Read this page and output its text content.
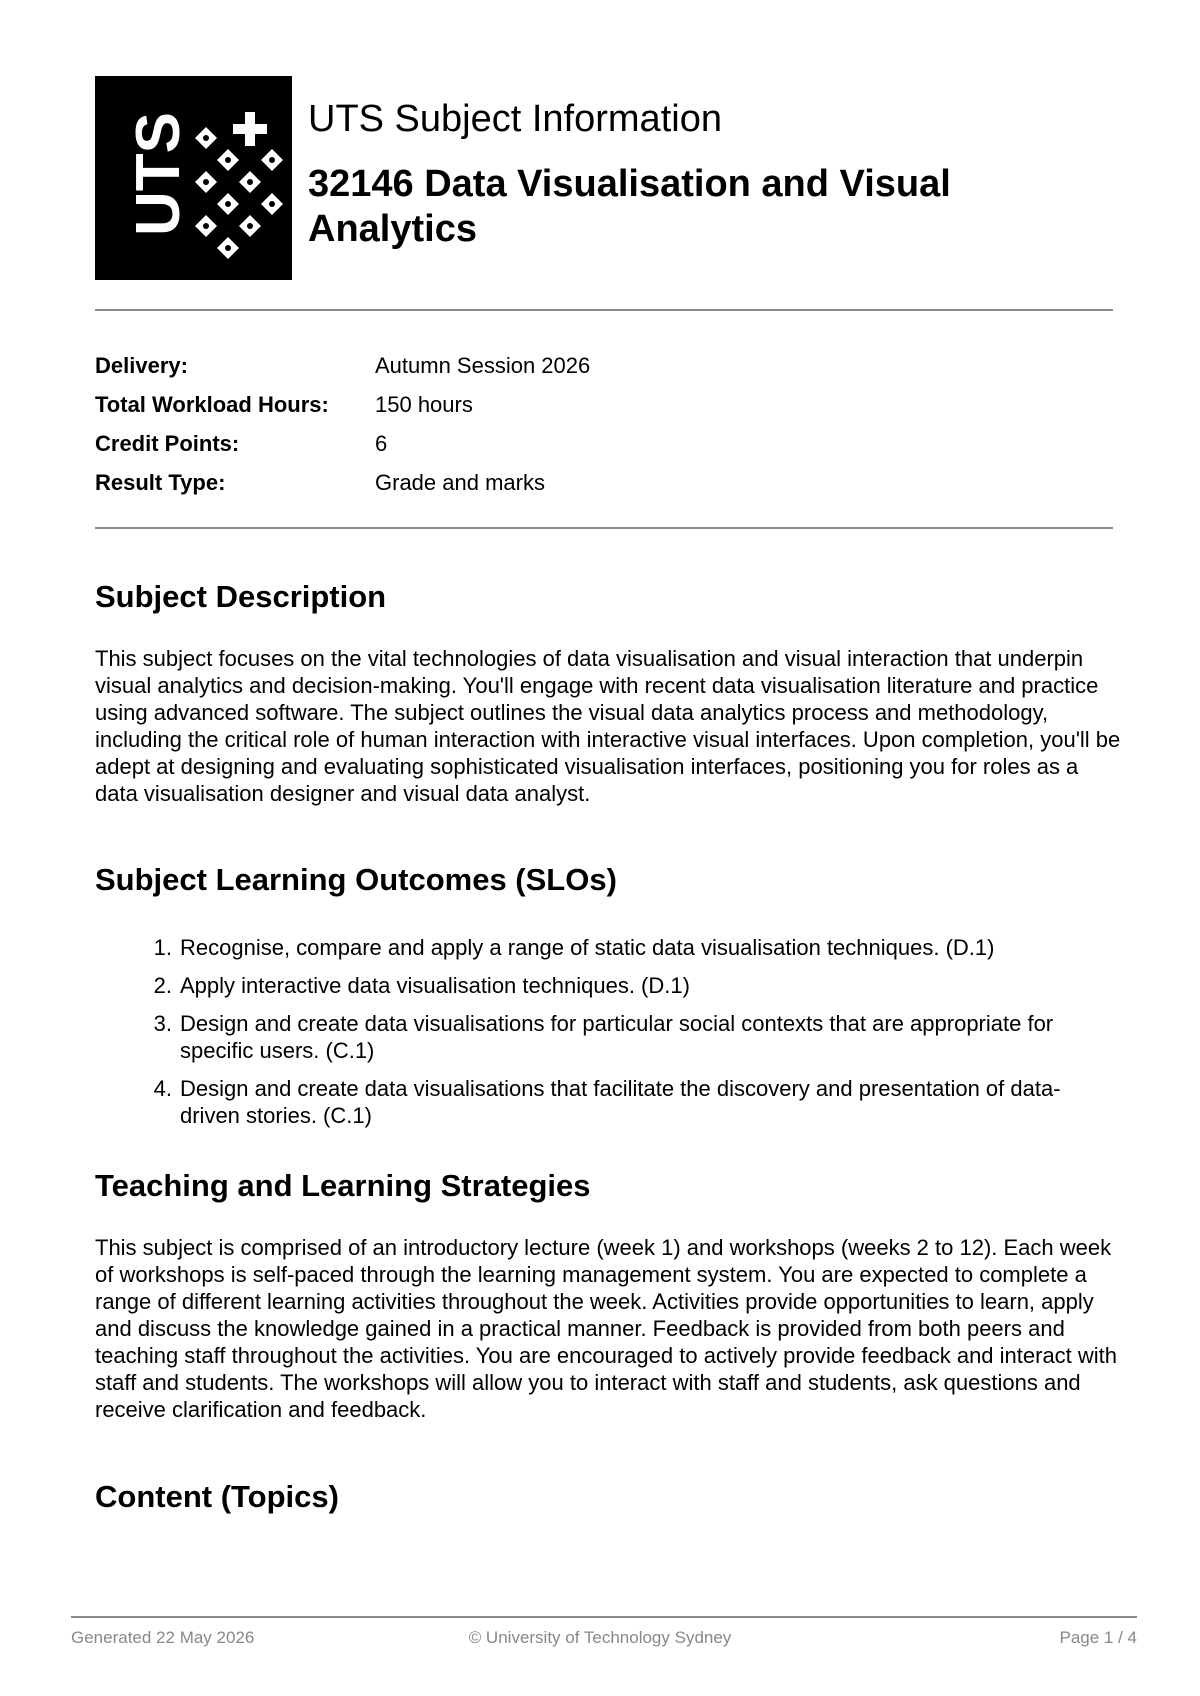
UTS	UTS Subject Information
32146 Data Visualisation and Visual Analytics
Delivery:	Autumn Session 2026
Total Workload Hours:	150 hours
Credit Points:	6
Result Type:	Grade and marks
Subject Description

This subject focuses on the vital technologies of data visualisation and visual interaction that underpin visual analytics and decision-making. You'll engage with recent data visualisation literature and practice using advanced software. The subject outlines the visual data analytics process and methodology, including the critical role of human interaction with interactive visual interfaces. Upon completion, you'll be adept at designing and evaluating sophisticated visualisation interfaces, positioning you for roles as a data visualisation designer and visual data analyst.

Subject Learning Outcomes (SLOs)
1. Recognise, compare and apply a range of static data visualisation techniques. (D.1)
2. Apply interactive data visualisation techniques. (D.1)
3. Design and create data visualisations for particular social contexts that are appropriate for specific users. (C.1)
4. Design and create data visualisations that facilitate the discovery and presentation of data-driven stories. (C.1)
Teaching and Learning Strategies

This subject is comprised of an introductory lecture (week 1) and workshops (weeks 2 to 12). Each week of workshops is self-paced through the learning management system. You are expected to complete a range of different learning activities throughout the week. Activities provide opportunities to learn, apply and discuss the knowledge gained in a practical manner. Feedback is provided from both peers and teaching staff throughout the activities. You are encouraged to actively provide feedback and interact with staff and students. The workshops will allow you to interact with staff and students, ask questions and receive clarification and feedback.

Content (Topics)
© University of Technology Sydney
Generated 22 May 2026	Page 1 / 4
